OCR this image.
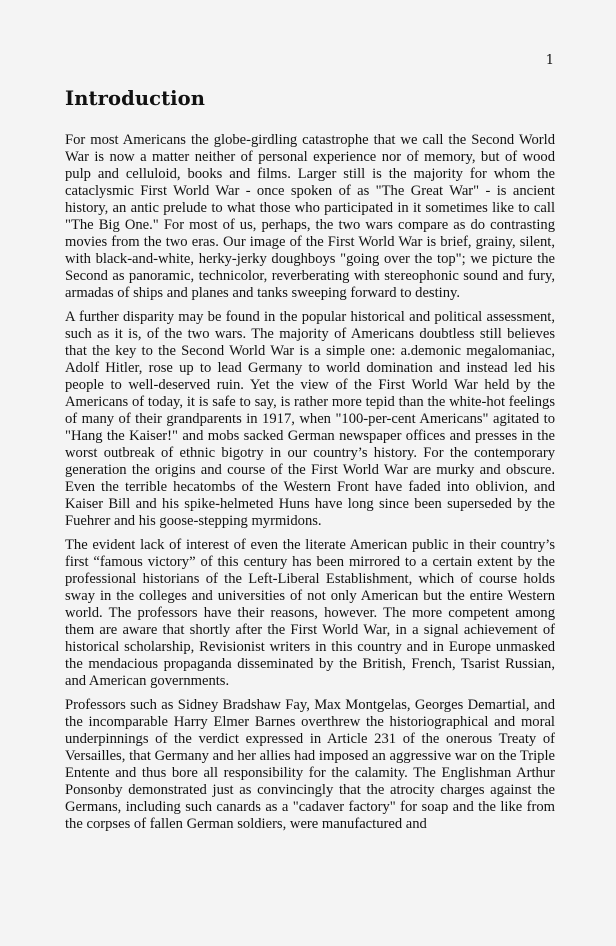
1
Introduction

For most Americans the globe-girdling catastrophe that we call the Second World War is now a matter neither of personal experience nor of memory, but of wood pulp and celluloid, books and films. Larger still is the majority for whom the cataclysmic First World War - once spoken of as "The Great War" - is ancient history, an antic prelude to what those who participated in it sometimes like to call "The Big One." For most of us, perhaps, the two wars compare as do contrasting movies from the two eras. Our image of the First World War is brief, grainy, silent, with black-and-white, herky-jerky doughboys "going over the top"; we picture the Second as panoramic, technicolor, reverberating with stereophonic sound and fury, armadas of ships and planes and tanks sweeping forward to destiny.

A further disparity may be found in the popular historical and political assessment, such as it is, of the two wars. The majority of Americans doubtless still believes that the key to the Second World War is a simple one: a.demonic megalomaniac, Adolf Hitler, rose up to lead Germany to world domination and instead led his people to well-deserved ruin. Yet the view of the First World War held by the Americans of today, it is safe to say, is rather more tepid than the white-hot feelings of many of their grandparents in 1917, when "100-per-cent Americans" agitated to "Hang the Kaiser!" and mobs sacked German newspaper offices and presses in the worst outbreak of ethnic bigotry in our country’s history. For the contemporary generation the origins and course of the First World War are murky and obscure. Even the terrible hecatombs of the Western Front have faded into oblivion, and Kaiser Bill and his spike-helmeted Huns have long since been superseded by the Fuehrer and his goose-stepping myrmidons.

The evident lack of interest of even the literate American public in their country’s first “famous victory” of this century has been mirrored to a certain extent by the professional historians of the Left-Liberal Establishment, which of course holds sway in the colleges and universities of not only American but the entire Western world. The professors have their reasons, however. The more competent among them are aware that shortly after the First World War, in a signal achievement of historical scholarship, Revisionist writers in this country and in Europe unmasked the mendacious propaganda disseminated by the British, French, Tsarist Russian, and American governments.

Professors such as Sidney Bradshaw Fay, Max Montgelas, Georges Demartial, and the incomparable Harry Elmer Barnes overthrew the historiographical and moral underpinnings of the verdict expressed in Article 231 of the onerous Treaty of Versailles, that Germany and her allies had imposed an aggressive war on the Triple Entente and thus bore all responsibility for the calamity. The Englishman Arthur Ponsonby demonstrated just as convincingly that the atrocity charges against the Germans, including such canards as a "cadaver factory" for soap and the like from the corpses of fallen German soldiers, were manufactured and
